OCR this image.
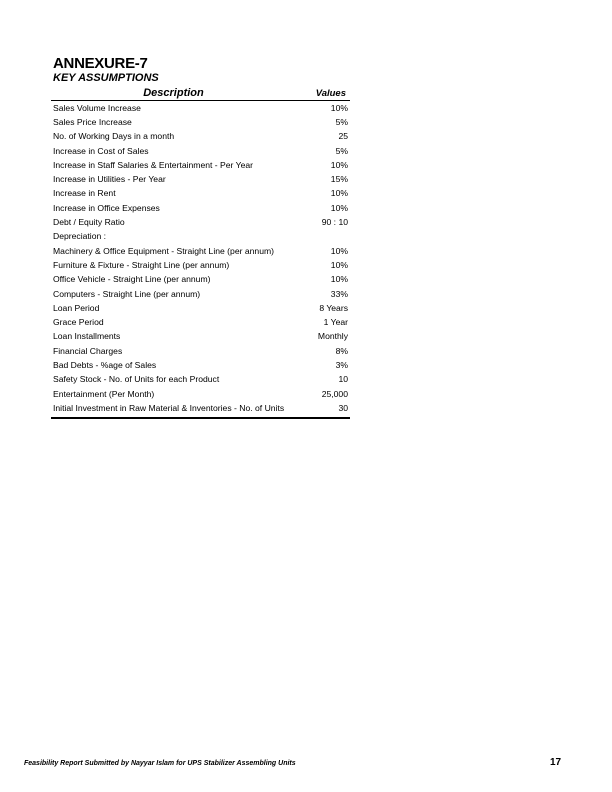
ANNEXURE-7
KEY ASSUMPTIONS
Description	Values
Sales Volume Increase	10%
Sales Price Increase	5%
No. of Working Days in a month	25
Increase in Cost of Sales	5%
Increase in Staff Salaries & Entertainment - Per Year	10%
Increase in Utilities - Per Year	15%
Increase in Rent	10%
Increase in Office Expenses	10%
Debt / Equity Ratio	90 : 10
Depreciation :
Machinery & Office Equipment - Straight Line (per annum)	10%
Furniture & Fixture - Straight Line (per annum)	10%
Office Vehicle - Straight Line (per annum)	10%
Computers - Straight Line (per annum)	33%
Loan Period	8 Years
Grace Period	1 Year
Loan Installments	Monthly
Financial Charges	8%
Bad Debts - %age of Sales	3%
Safety Stock - No. of Units for each Product	10
Entertainment (Per Month)	25,000
Initial Investment in Raw Material & Inventories - No. of Units	30
Feasibility Report Submitted by Nayyar Islam for UPS Stabilizer Assembling Units	17
